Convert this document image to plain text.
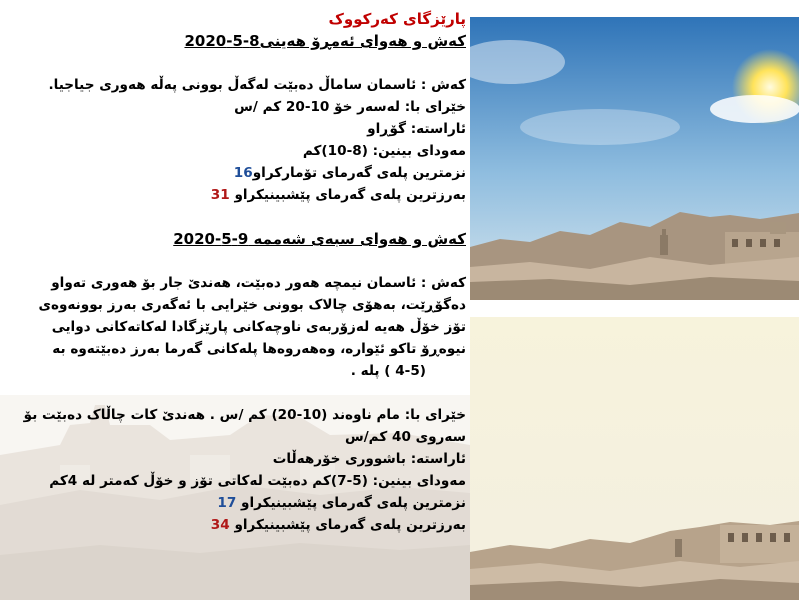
پارێزگای کەرکووک
کەش و هەوای ئەمڕۆ هەینی8-5-2020
کەش : ئاسمان ساماڵ دەبێت لەگەڵ بوونی پەڵە هەوری جیاجیا.
خێرای با: لەسەر خۆ 10-20 کم /س
ئاراستە: گۆڕاو
مەودای بینین: (8-10)کم
نزمترین پلەی گەرمای تۆمارکراو16
بەرزترین پلەی گەرمای پێشبینیکراو 31
کەش و هەوای سبەی شەممە 9-5-2020
کەش : ئاسمان نیمچە هەور دەبێت، هەندێ جار بۆ هەوری تەواو
دەگۆڕێت، بەهۆی چالاک بوونی خێرایی با ئەگەری بەرز بوونەوەی
تۆز خۆڵ هەیە لەزۆربەی ناوچەکانی پارێزگادا لەکاتەکانی دوایی
نیوەڕۆ تاکو ئێوارە، وەهەروەها پلەکانی گەرما بەرز دەبێتەوە بە
(4-5 ) پلە .
خێرای با: مام ناوەند (10-20) کم /س . هەندێ کات چاڵاک دەبێت بۆ
سەروی 40 کم/س
ئاراستە: باشووری خۆرهەڵات
مەودای بینین: (5-7)کم دەبێت لەکاتی تۆز و خۆڵ کەمتر لە 4کم
نزمترین پلەی گەرمای پێشبینیکراو 17
بەرزترین پلەی گەرمای پێشبینیکراو 34
